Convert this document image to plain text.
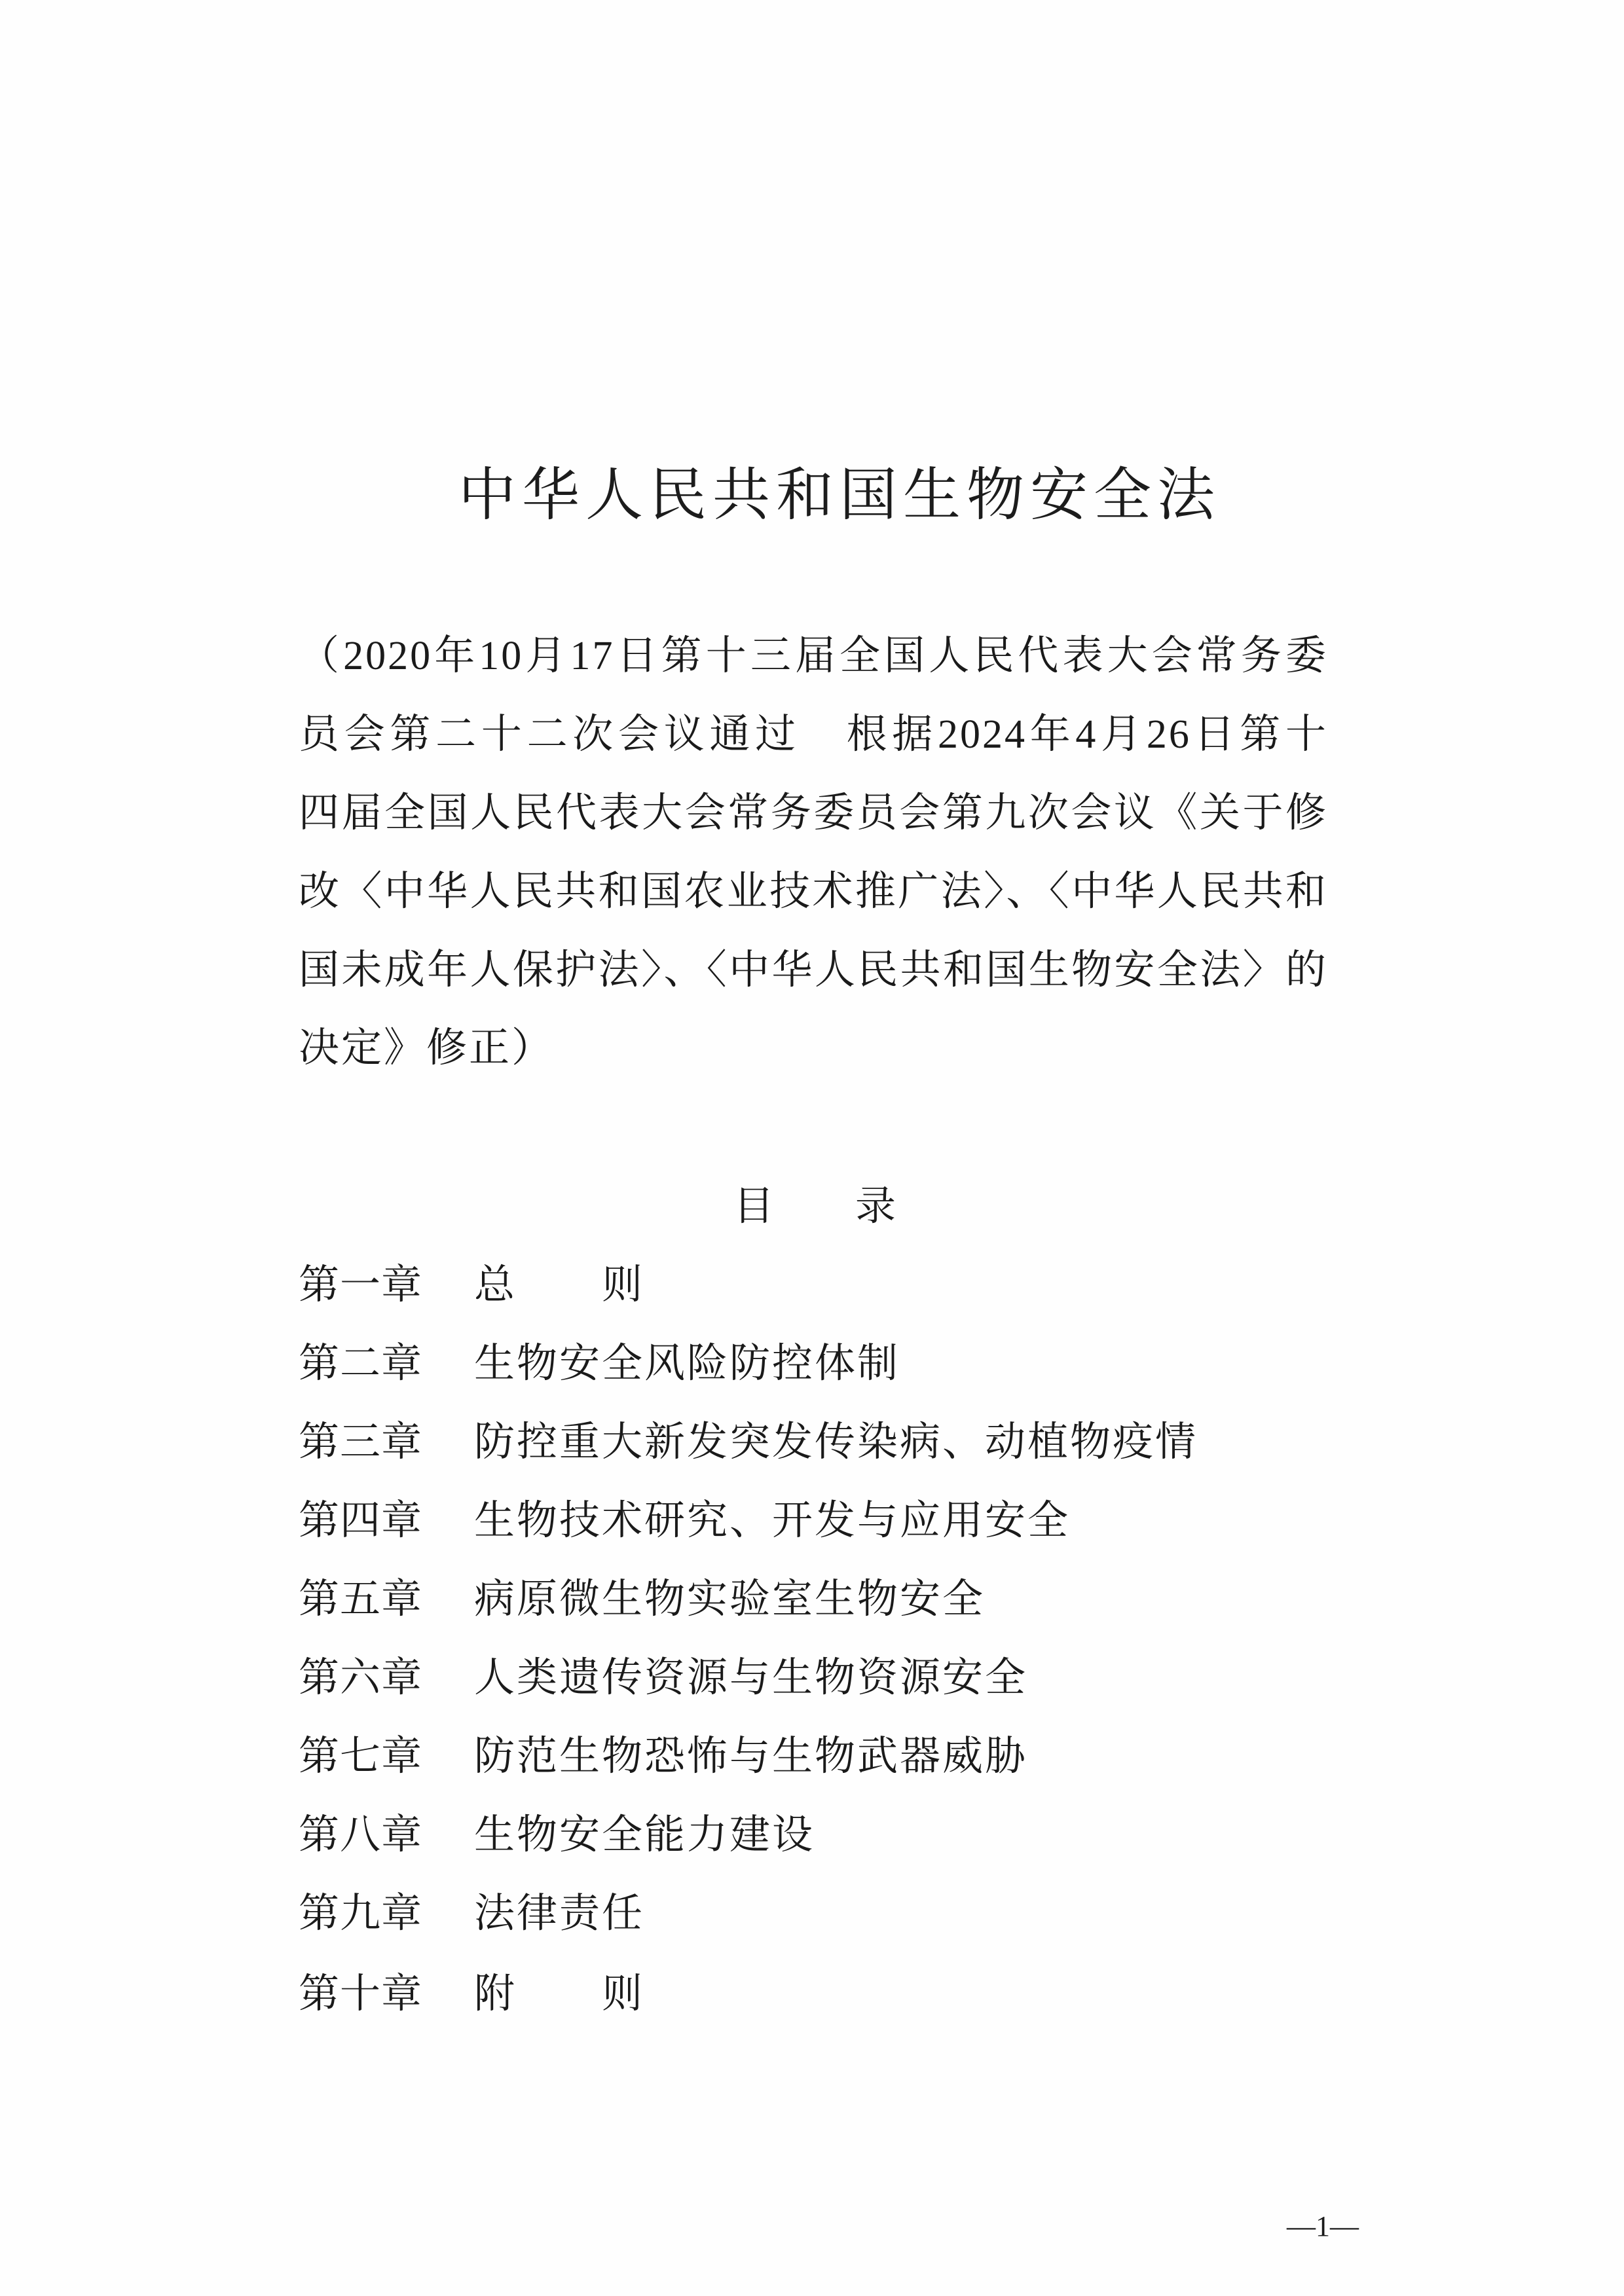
中华人民共和国生物安全法
（2020年10月17日第十三届全国人民代表大会常务委
员会第二十二次会议通过　根据2024年4月26日第十
四届全国人民代表大会常务委员会第九次会议《关于修
改〈中华人民共和国农业技术推广法〉、〈中华人民共和
国未成年人保护法〉、〈中华人民共和国生物安全法〉的
决定》修正）
目 录
第一章 总　　则
第二章 生物安全风险防控体制
第三章 防控重大新发突发传染病、动植物疫情
第四章 生物技术研究、开发与应用安全
第五章 病原微生物实验室生物安全
第六章 人类遗传资源与生物资源安全
第七章 防范生物恐怖与生物武器威胁
第八章 生物安全能力建设
第九章 法律责任
第十章 附　　则
—1—
